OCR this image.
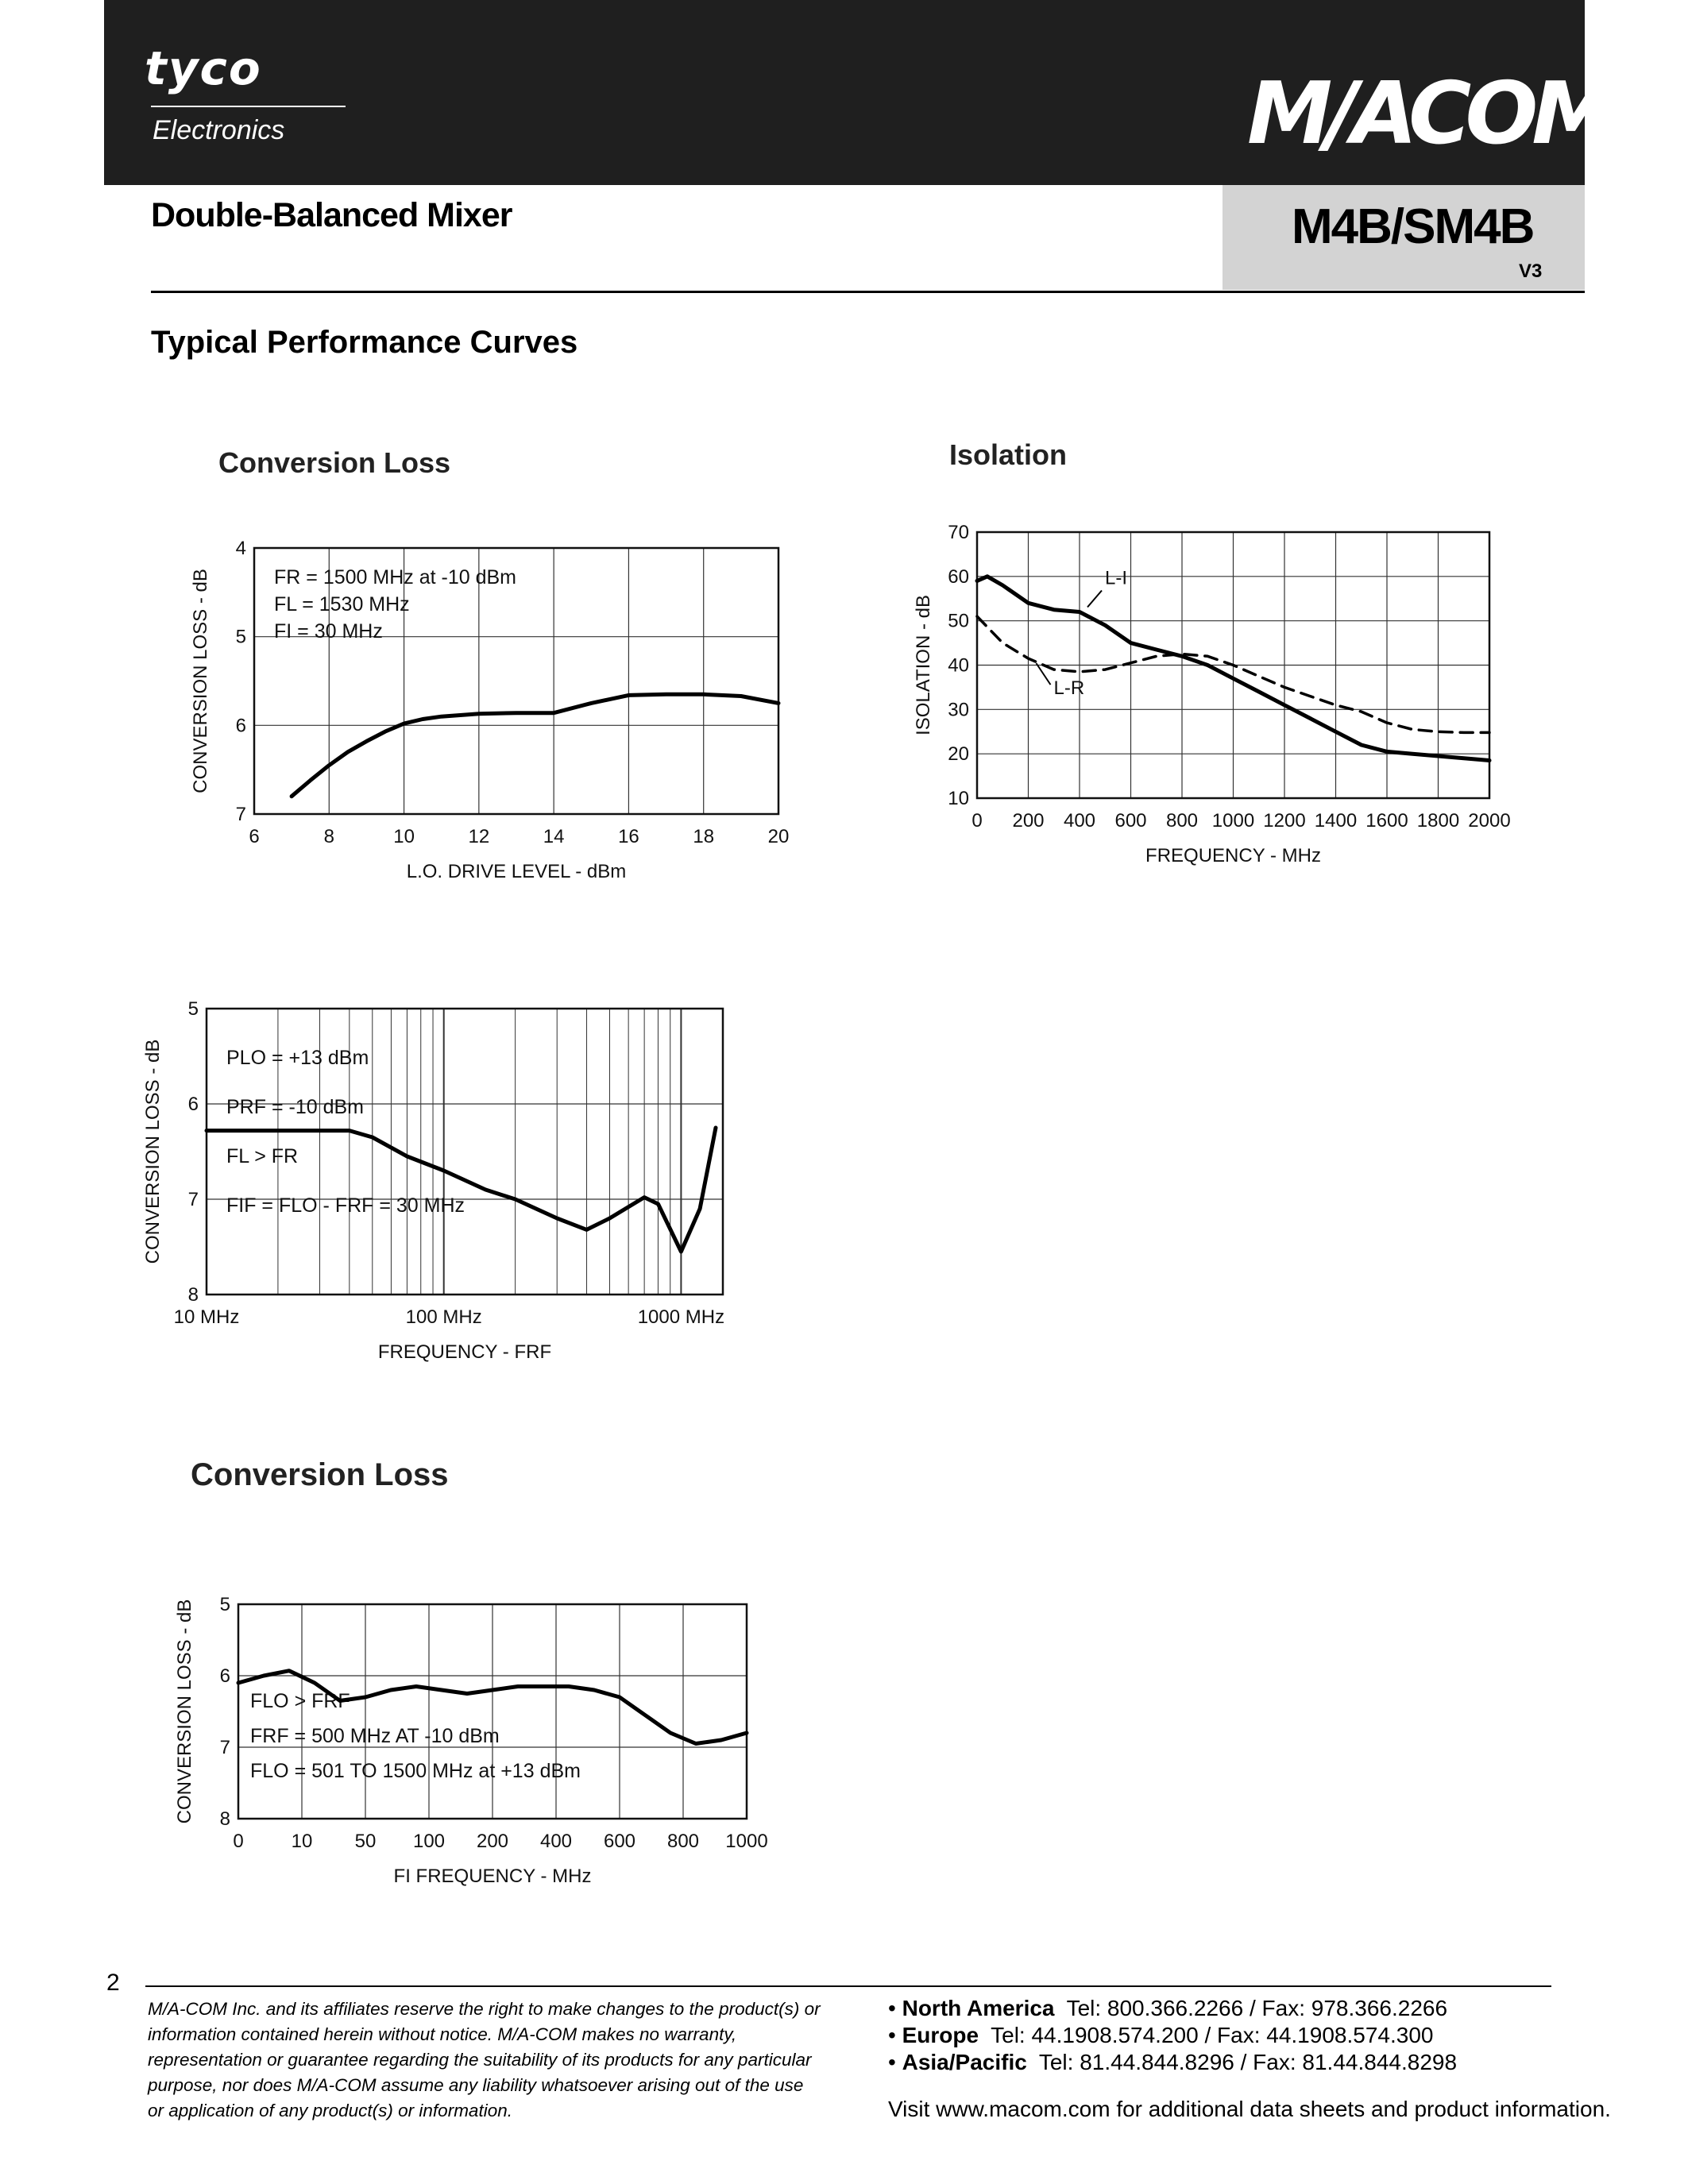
tyco
Electronics	M/ACOM
Double-Balanced Mixer	M4B/SM4B
V3
Typical Performance Curves
Conversion Loss
6	8	10	12	14	16	18	20
4
5
6
7
L.O. DRIVE LEVEL - dBm
CONVERSION LOSS - dB	FR = 1500 MHz at -10 dBm
FL = 1530 MHz
FI = 30 MHz
Isolation
0 200 400 600 800 1000 1200 1400 1600 1800 2000
10
20
30
40
50
60
70
FREQUENCY - MHz
ISOLATION - dB
L-I
L-R
10 MHz	100 MHz	1000 MHz
5
6
7
8
FREQUENCY - FRF
CONVERSION LOSS - dB	PLO = +13 dBm
PRF = -10 dBm
FL > FR
FIF = FLO - FRF = 30 MHz
Conversion Loss
0 10 50 100 200 400 600 800 1000
5
6
7
8
FI FREQUENCY - MHz
CONVERSION LOSS - dB	FLO > FRF
FRF = 500 MHz AT -10 dBm
FLO = 501 TO 1500 MHz at +13 dBm
2
M/A-COM Inc. and its affiliates reserve the right to make changes to the product(s) or information contained herein without notice. M/A-COM makes no warranty, representation or guarantee regarding the suitability of its products for any particular purpose, nor does M/A-COM assume any liability whatsoever arising out of the use or application of any product(s) or information.
• North America Tel: 800.366.2266 / Fax: 978.366.2266
• Europe Tel: 44.1908.574.200 / Fax: 44.1908.574.300
• Asia/Pacific Tel: 81.44.844.8296 / Fax: 81.44.844.8298
Visit www.macom.com for additional data sheets and product information.
